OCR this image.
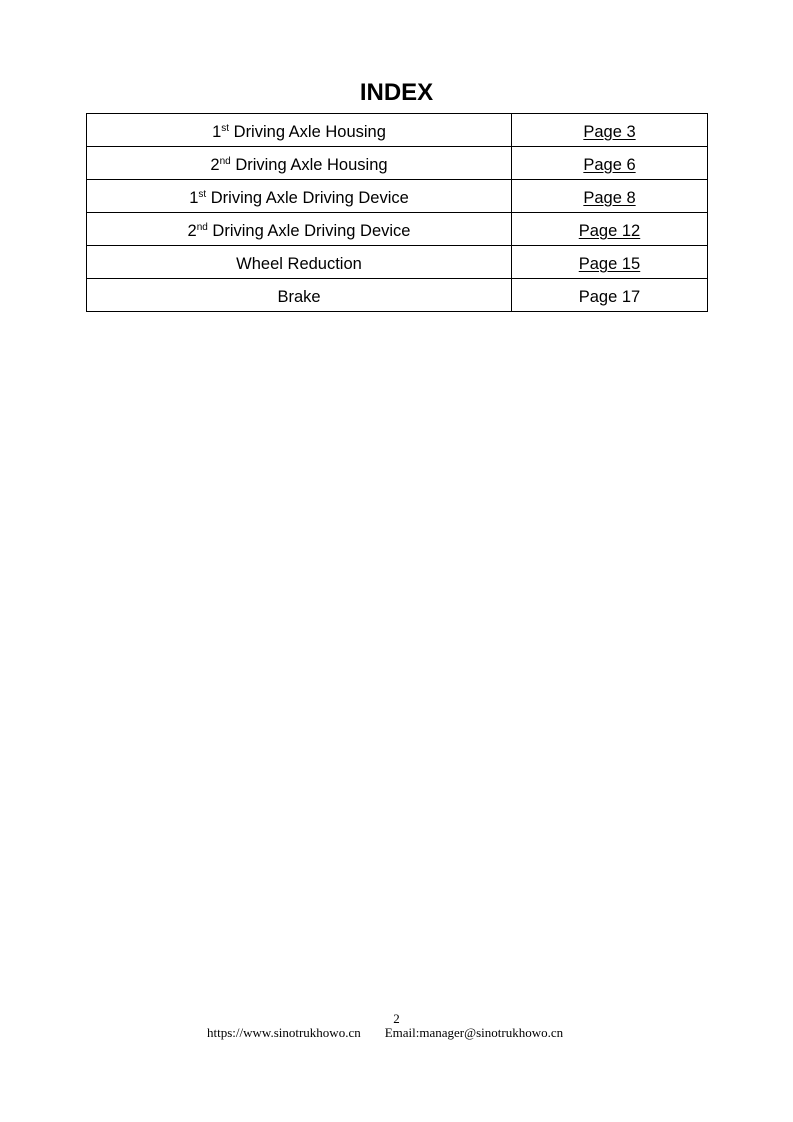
INDEX
1st Driving Axle Housing	Page 3
2nd Driving Axle Housing	Page 6
1st Driving Axle Driving Device	Page 8
2nd Driving Axle Driving Device	Page 12
Wheel Reduction	Page 15
Brake	Page 17
2
https://www.sinotrukhowo.cn Email:manager@sinotrukhowo.cn
